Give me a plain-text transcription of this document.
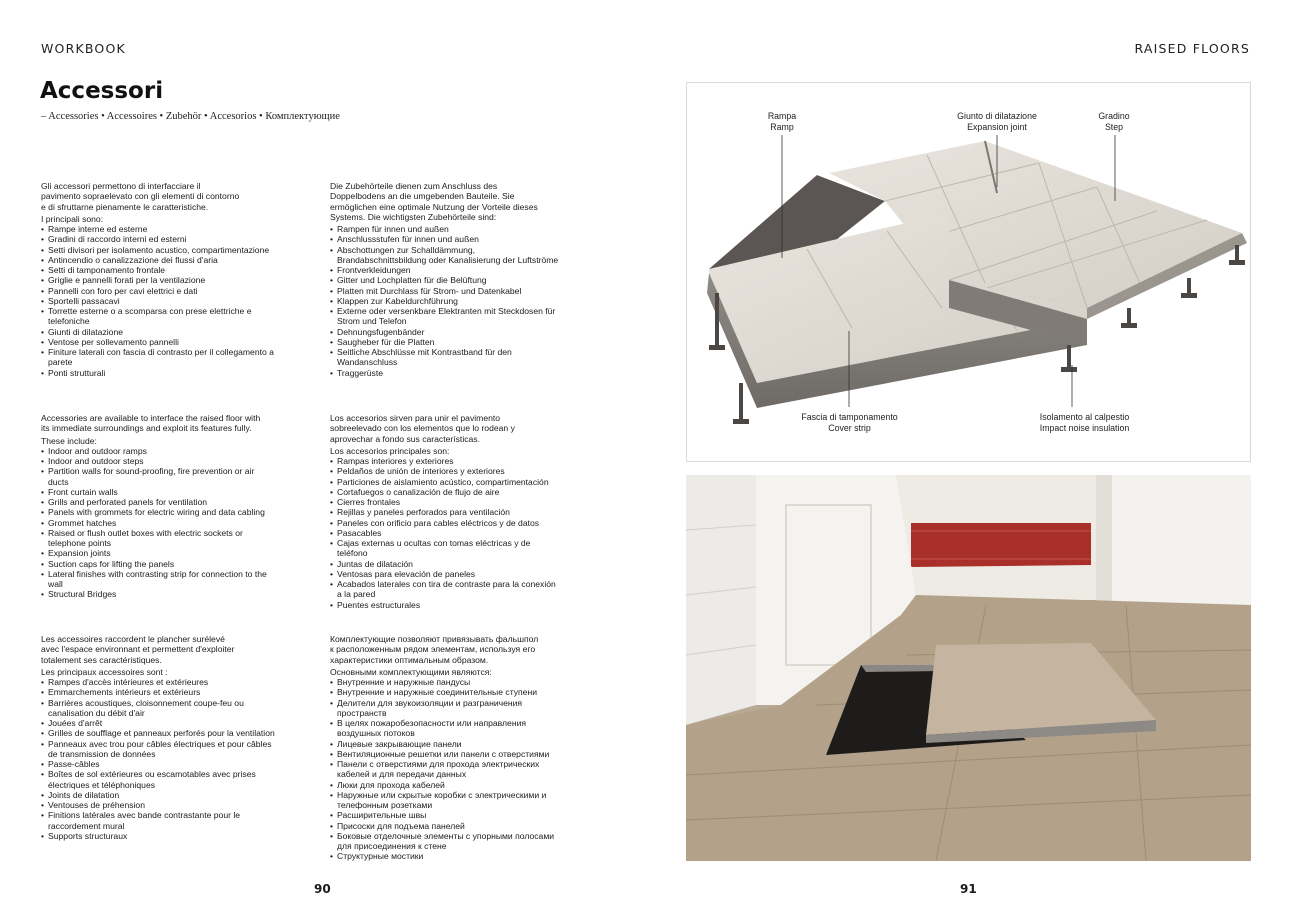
WORKBOOK	RAISED FLOORS
Accessori
– Accessories • Accessoires • Zubehör • Accesorios • Комплектующие

Gli accessori permettono di interfacciare il
pavimento sopraelevato con gli elementi di contorno
e di sfruttarne pienamente le caratteristiche.

I principali sono:

• Rampe interne ed esterne
• Gradini di raccordo interni ed esterni
• Setti divisori per isolamento acustico, compartimentazione
• Antincendio o canalizzazione dei flussi d'aria
• Setti di tamponamento frontale
• Griglie e pannelli forati per la ventilazione
• Pannelli con foro per cavi elettrici e dati
• Sportelli passacavi
• Torrette esterne o a scomparsa con prese elettriche e telefoniche
• Giunti di dilatazione
• Ventose per sollevamento pannelli
• Finiture laterali con fascia di contrasto per il collegamento a parete
• Ponti strutturali

Accessories are available to interface the raised floor with
its immediate surroundings and exploit its features fully.

These include:

• Indoor and outdoor ramps
• Indoor and outdoor steps
• Partition walls for sound-proofing, fire prevention or air ducts
• Front curtain walls
• Grills and perforated panels for ventilation
• Panels with grommets for electric wiring and data cabling
• Grommet hatches
• Raised or flush outlet boxes with electric sockets or telephone points
• Expansion joints
• Suction caps for lifting the panels
• Lateral finishes with contrasting strip for connection to the wall
• Structural Bridges

Les accessoires raccordent le plancher surélevé
avec l'espace environnant et permettent d'exploiter
totalement ses caractéristiques.

Les principaux accessoires sont :

• Rampes d'accès intérieures et extérieures
• Emmarchements intérieurs et extérieurs
• Barrières acoustiques, cloisonnement coupe-feu ou canalisation du débit d'air
• Jouées d'arrêt
• Grilles de soufflage et panneaux perforés pour la ventilation
• Panneaux avec trou pour câbles électriques et pour câbles de transmission de données
• Passe-câbles
• Boîtes de sol extérieures ou escamotables avec prises électriques et téléphoniques
• Joints de dilatation
• Ventouses de préhension
• Finitions latérales avec bande contrastante pour le raccordement mural
• Supports structuraux

Die Zubehörteile dienen zum Anschluss des
Doppelbodens an die umgebenden Bauteile. Sie
ermöglichen eine optimale Nutzung der Vorteile dieses
Systems. Die wichtigsten Zubehörteile sind:

• Rampen für innen und außen
• Anschlussstufen für innen und außen
• Abschottungen zur Schalldämmung, Brandabschnittsbildung oder Kanalisierung der Luftströme
• Frontverkleidungen
• Gitter und Lochplatten für die Belüftung
• Platten mit Durchlass für Strom- und Datenkabel
• Klappen zur Kabeldurchführung
• Externe oder versenkbare Elektranten mit Steckdosen für Strom und Telefon
• Dehnungsfugenbänder
• Saugheber für die Platten
• Seitliche Abschlüsse mit Kontrastband für den Wandanschluss
• Traggerüste

Los accesorios sirven para unir el pavimento
sobreelevado con los elementos que lo rodean y
aprovechar a fondo sus características.

Los accesorios principales son:

• Rampas interiores y exteriores
• Peldaños de unión de interiores y exteriores
• Particiones de aislamiento acústico, compartimentación
• Cortafuegos o canalización de flujo de aire
• Cierres frontales
• Rejillas y paneles perforados para ventilación
• Paneles con orificio para cables eléctricos y de datos
• Pasacables
• Cajas externas u ocultas con tomas eléctricas y de teléfono
• Juntas de dilatación
• Ventosas para elevación de paneles
• Acabados laterales con tira de contraste para la conexión a la pared
• Puentes estructurales

Комплектующие позволяют привязывать фальшпол
к расположенным рядом элементам, используя его
характеристики оптимальным образом.

Основными комплектующими являются:

• Внутренние и наружные пандусы
• Внутренние и наружные соединительные ступени
• Делители для звукоизоляции и разграничения пространств
• В целях пожаробезопасности или направления воздушных потоков
• Лицевые закрывающие панели
• Вентиляционные решетки или панели с отверстиями
• Панели с отверстиями для прохода электрических кабелей и для передачи данных
• Люки для прохода кабелей
• Наружные или скрытые коробки с электрическими и телефонным розетками
• Расширительные швы
• Присоски для подъема панелей
• Боковые отделочные элементы с упорными полосами для присоединения к стене
• Структурные мостики
Rampa
Ramp
Giunto di dilatazione
Expansion joint
Gradino
Step
Fascia di tamponamento
Cover strip
Isolamento al calpestio
Impact noise insulation
90	91
